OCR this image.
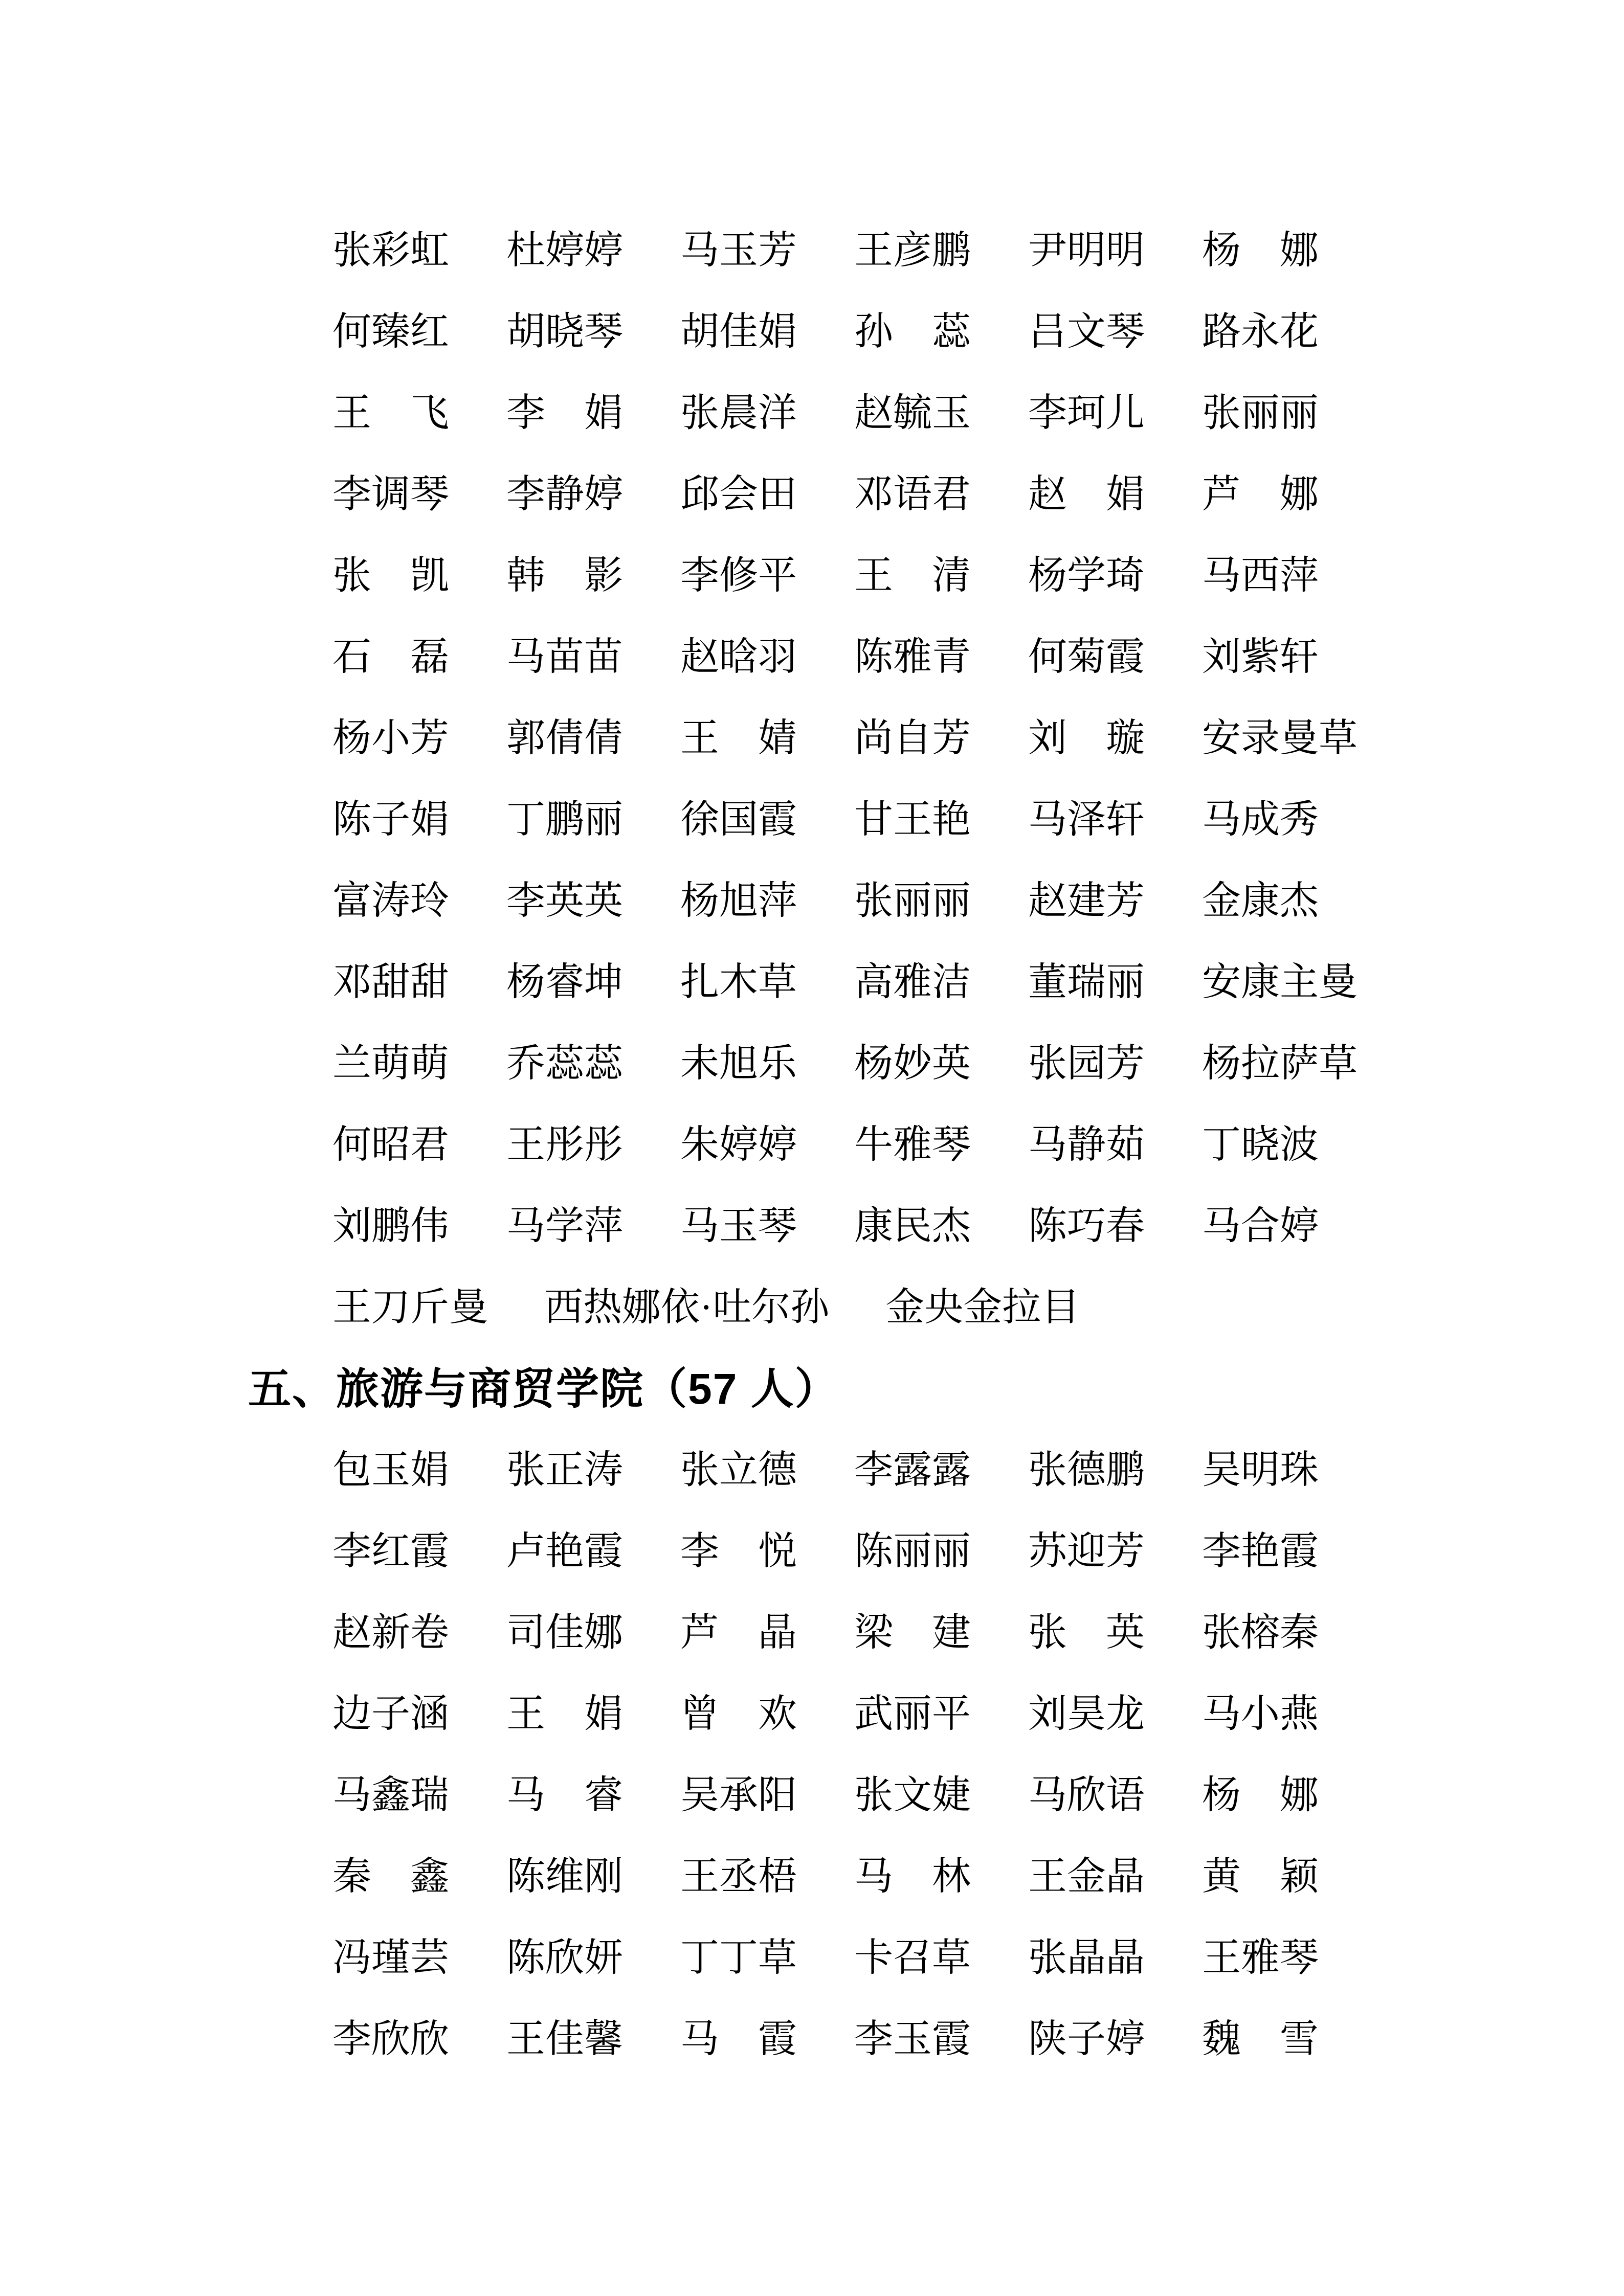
张彩虹 杜婷婷 马玉芳 王彦鹏 尹明明 杨　娜
何臻红 胡晓琴 胡佳娟 孙　蕊 吕文琴 路永花
王　飞 李　娟 张晨洋 赵毓玉 李珂儿 张丽丽
李调琴 李静婷 邱会田 邓语君 赵　娟 芦　娜
张　凯 韩　影 李修平 王　清 杨学琦 马西萍
石　磊 马苗苗 赵晗羽 陈雅青 何菊霞 刘紫轩
杨小芳 郭倩倩 王　婧 尚自芳 刘　璇 安录曼草
陈子娟 丁鹏丽 徐国霞 甘王艳 马泽轩 马成秀
富涛玲 李英英 杨旭萍 张丽丽 赵建芳 金康杰
邓甜甜 杨睿坤 扎木草 高雅洁 董瑞丽 安康主曼
兰萌萌 乔蕊蕊 未旭乐 杨妙英 张园芳 杨拉萨草
何昭君 王彤彤 朱婷婷 牛雅琴 马静茹 丁晓波
刘鹏伟 马学萍 马玉琴 康民杰 陈巧春 马合婷
王刀斤曼 西热娜依·吐尔孙 金央金拉目
五、旅游与商贸学院（57 人）
包玉娟 张正涛 张立德 李露露 张德鹏 吴明珠
李红霞 卢艳霞 李　悦 陈丽丽 苏迎芳 李艳霞
赵新卷 司佳娜 芦　晶 梁　建 张　英 张榕秦
边子涵 王　娟 曾　欢 武丽平 刘昊龙 马小燕
马鑫瑞 马　睿 吴承阳 张文婕 马欣语 杨　娜
秦　鑫 陈维刚 王丞梧 马　林 王金晶 黄　颖
冯瑾芸 陈欣妍 丁丁草 卡召草 张晶晶 王雅琴
李欣欣 王佳馨 马　霞 李玉霞 陕子婷 魏　雪
